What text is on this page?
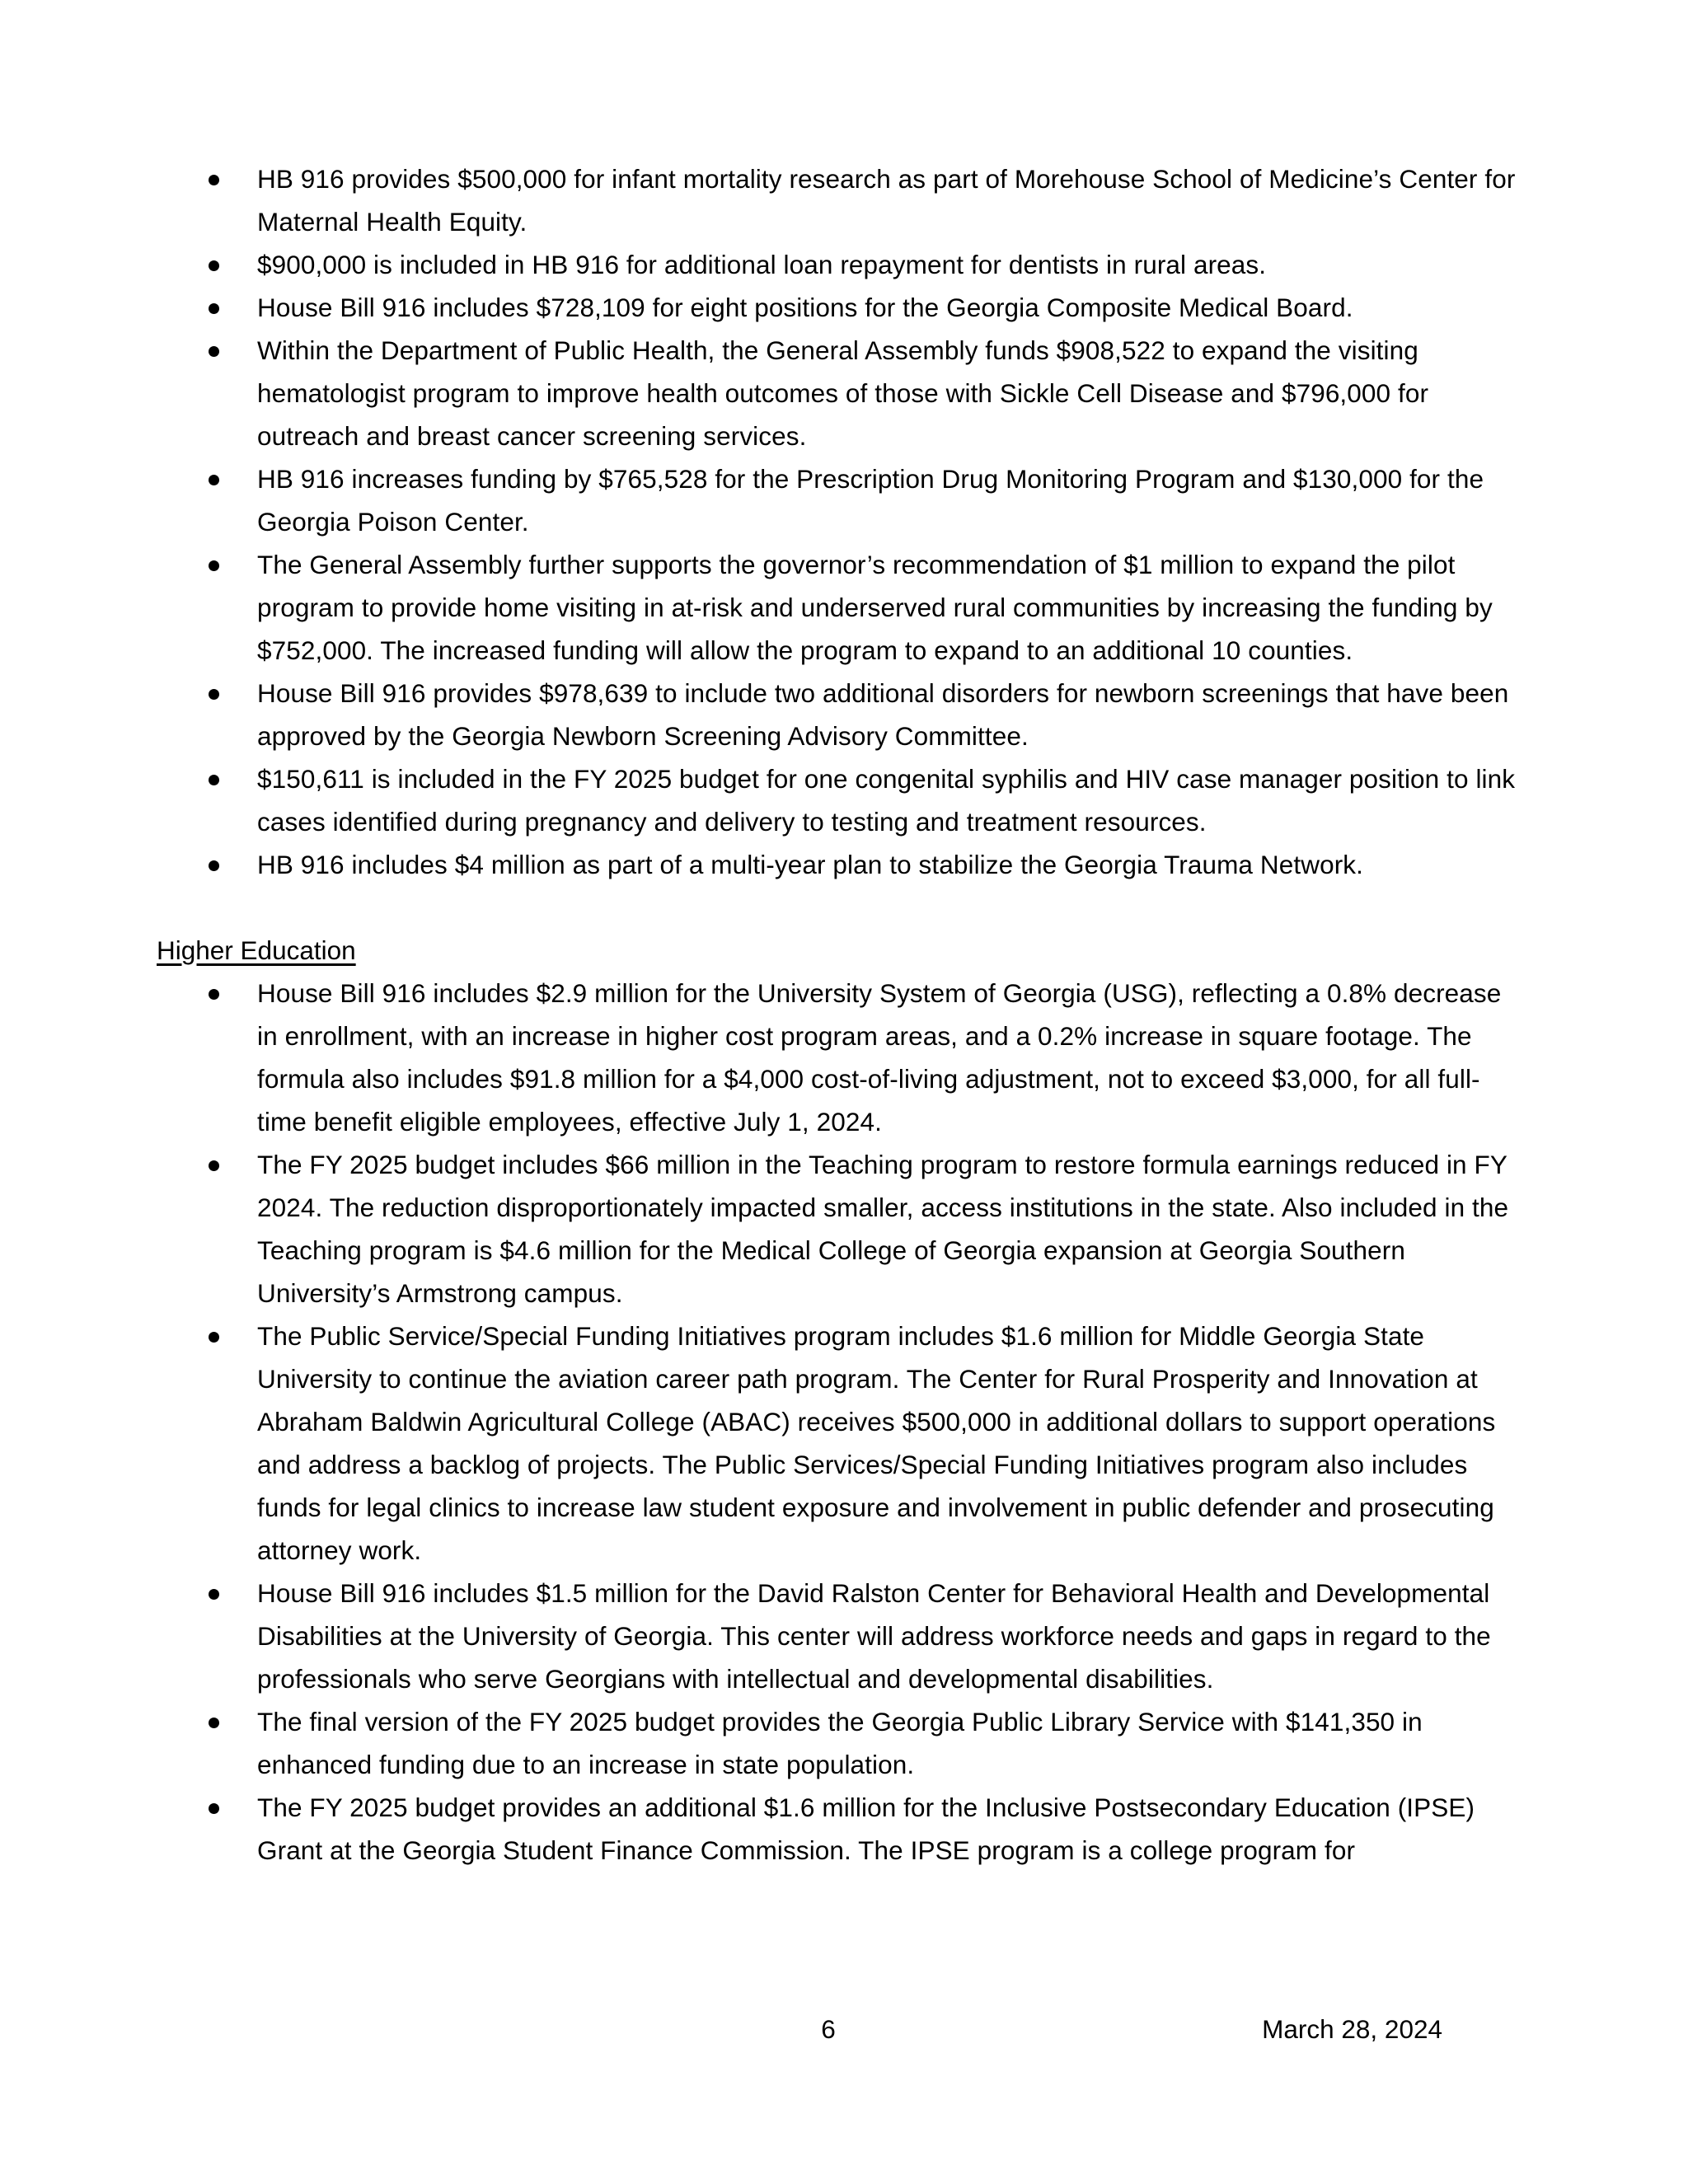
HB 916 provides $500,000 for infant mortality research as part of Morehouse School of Medicine’s Center for Maternal Health Equity.
$900,000 is included in HB 916 for additional loan repayment for dentists in rural areas.
House Bill 916 includes $728,109 for eight positions for the Georgia Composite Medical Board.
Within the Department of Public Health, the General Assembly funds $908,522 to expand the visiting hematologist program to improve health outcomes of those with Sickle Cell Disease and $796,000 for outreach and breast cancer screening services.
HB 916 increases funding by $765,528 for the Prescription Drug Monitoring Program and $130,000 for the Georgia Poison Center.
The General Assembly further supports the governor’s recommendation of $1 million to expand the pilot program to provide home visiting in at-risk and underserved rural communities by increasing the funding by $752,000. The increased funding will allow the program to expand to an additional 10 counties.
House Bill 916 provides $978,639 to include two additional disorders for newborn screenings that have been approved by the Georgia Newborn Screening Advisory Committee.
$150,611 is included in the FY 2025 budget for one congenital syphilis and HIV case manager position to link cases identified during pregnancy and delivery to testing and treatment resources.
HB 916 includes $4 million as part of a multi-year plan to stabilize the Georgia Trauma Network.
Higher Education
House Bill 916 includes $2.9 million for the University System of Georgia (USG), reflecting a 0.8% decrease in enrollment, with an increase in higher cost program areas, and a 0.2% increase in square footage. The formula also includes $91.8 million for a $4,000 cost-of-living adjustment, not to exceed $3,000, for all full-time benefit eligible employees, effective July 1, 2024.
The FY 2025 budget includes $66 million in the Teaching program to restore formula earnings reduced in FY 2024. The reduction disproportionately impacted smaller, access institutions in the state. Also included in the Teaching program is $4.6 million for the Medical College of Georgia expansion at Georgia Southern University’s Armstrong campus.
The Public Service/Special Funding Initiatives program includes $1.6 million for Middle Georgia State University to continue the aviation career path program. The Center for Rural Prosperity and Innovation at Abraham Baldwin Agricultural College (ABAC) receives $500,000 in additional dollars to support operations and address a backlog of projects. The Public Services/Special Funding Initiatives program also includes funds for legal clinics to increase law student exposure and involvement in public defender and prosecuting attorney work.
House Bill 916 includes $1.5 million for the David Ralston Center for Behavioral Health and Developmental Disabilities at the University of Georgia. This center will address workforce needs and gaps in regard to the professionals who serve Georgians with intellectual and developmental disabilities.
The final version of the FY 2025 budget provides the Georgia Public Library Service with $141,350 in enhanced funding due to an increase in state population.
The FY 2025 budget provides an additional $1.6 million for the Inclusive Postsecondary Education (IPSE) Grant at the Georgia Student Finance Commission. The IPSE program is a college program for
6	March 28, 2024
